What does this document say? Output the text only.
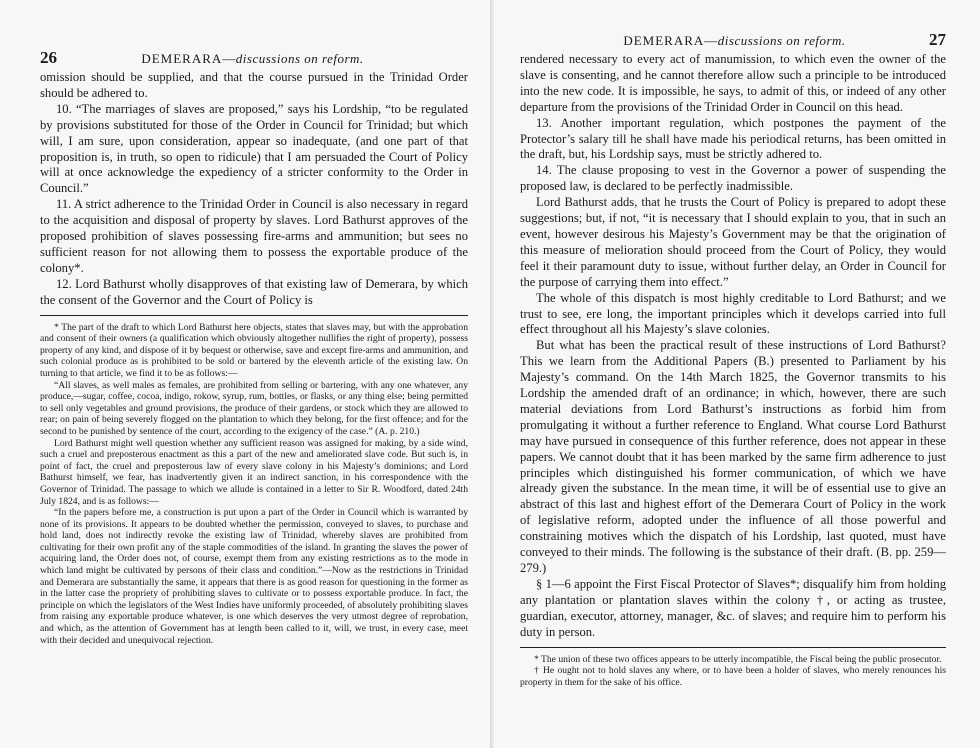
26	DEMERARA—discussions on reform.

omission should be supplied, and that the course pursued in the Trinidad Order should be adhered to.

10. “The marriages of slaves are proposed,” says his Lordship, “to be regulated by provisions substituted for those of the Order in Council for Trinidad; but which will, I am sure, upon consideration, appear so inadequate, (and one part of that proposition is, in truth, so open to ridicule) that I am persuaded the Court of Policy will at once acknowledge the expediency of a stricter conformity to the Order in Council.”

11. A strict adherence to the Trinidad Order in Council is also necessary in regard to the acquisition and disposal of property by slaves. Lord Bathurst approves of the proposed prohibition of slaves possessing fire-arms and ammunition; but sees no sufficient reason for not allowing them to possess the exportable produce of the colony*.

12. Lord Bathurst wholly disapproves of that existing law of Demerara, by which the consent of the Governor and the Court of Policy is

* The part of the draft to which Lord Bathurst here objects, states that slaves may, but with the approbation and consent of their owners (a qualification which obviously altogether nullifies the right of property), possess property of any kind, and dispose of it by bequest or otherwise, save and except fire-arms and ammunition, and such colonial produce as is prohibited to be sold or bartered by the eleventh article of the existing law. On turning to that article, we find it to be as follows:—

“All slaves, as well males as females, are prohibited from selling or bartering, with any one whatever, any produce,—sugar, coffee, cocoa, indigo, rokow, syrup, rum, bottles, or flasks, or any thing else; being permitted to sell only vegetables and ground provisions, the produce of their gardens, or stock which they are allowed to rear; on pain of being severely flogged on the plantation to which they belong, for the first offence; and for the second to be punished by sentence of the court, according to the exigency of the case.” (A. p. 210.)

Lord Bathurst might well question whether any sufficient reason was assigned for making, by a side wind, such a cruel and preposterous enactment as this a part of the new and ameliorated slave code. But such is, in point of fact, the cruel and preposterous law of every slave colony in his Majesty’s dominions; and Lord Bathurst himself, we fear, has inadvertently given it an indirect sanction, in his correspondence with the Governor of Trinidad. The passage to which we allude is contained in a letter to Sir R. Woodford, dated 24th July 1824, and is as follows:—

“In the papers before me, a construction is put upon a part of the Order in Council which is warranted by none of its provisions. It appears to be doubted whether the permission, conveyed to slaves, to purchase and hold land, does not indirectly revoke the existing law of Trinidad, whereby slaves are prohibited from cultivating for their own profit any of the staple commodities of the island. In granting the slaves the power of acquiring land, the Order does not, of course, exempt them from any existing restrictions as to the mode in which land might be cultivated by persons of their class and condition.”—Now as the restrictions in Trinidad and Demerara are substantially the same, it appears that there is as good reason for questioning in the former as in the latter case the propriety of prohibiting slaves to cultivate or to possess exportable produce. In fact, the principle on which the legislators of the West Indies have uniformly proceeded, of absolutely prohibiting slaves from raising any exportable produce whatever, is one which deserves the very utmost degree of reprobation, and which, as the attention of Government has at length been called to it, will, we trust, in every case, meet with their decided and unequivocal rejection.

DEMERARA—discussions on reform.	27

rendered necessary to every act of manumission, to which even the owner of the slave is consenting, and he cannot therefore allow such a principle to be introduced into the new code. It is impossible, he says, to admit of this, or indeed of any other departure from the provisions of the Trinidad Order in Council on this head.

13. Another important regulation, which postpones the payment of the Protector’s salary till he shall have made his periodical returns, has been omitted in the draft, but, his Lordship says, must be strictly adhered to.

14. The clause proposing to vest in the Governor a power of suspending the proposed law, is declared to be perfectly inadmissible.

Lord Bathurst adds, that he trusts the Court of Policy is prepared to adopt these suggestions; but, if not, “it is necessary that I should explain to you, that in such an event, however desirous his Majesty’s Government may be that the origination of this measure of melioration should proceed from the Court of Policy, they would feel it their paramount duty to issue, without further delay, an Order in Council for the purpose of carrying them into effect.”

The whole of this dispatch is most highly creditable to Lord Bathurst; and we trust to see, ere long, the important principles which it develops carried into full effect throughout all his Majesty’s slave colonies.

But what has been the practical result of these instructions of Lord Bathurst? This we learn from the Additional Papers (B.) presented to Parliament by his Majesty’s command. On the 14th March 1825, the Governor transmits to his Lordship the amended draft of an ordinance; in which, however, there are such material deviations from Lord Bathurst’s instructions as forbid him from promulgating it without a further reference to England. What course Lord Bathurst may have pursued in consequence of this further reference, does not appear in these papers. We cannot doubt that it has been marked by the same firm adherence to just principles which distinguished his former communication, of which we have already given the substance. In the mean time, it will be of essential use to give an abstract of this last and highest effort of the Demerara Court of Policy in the work of legislative reform, adopted under the influence of all those powerful and constraining motives which the dispatch of his Lordship, last quoted, must have conveyed to their minds. The following is the substance of their draft. (B. pp. 259—279.)

§ 1—6 appoint the First Fiscal Protector of Slaves*; disqualify him from holding any plantation or plantation slaves within the colony †, or acting as trustee, guardian, executor, attorney, manager, &c. of slaves; and require him to perform his duty in person.

* The union of these two offices appears to be utterly incompatible, the Fiscal being the public prosecutor.

† He ought not to hold slaves any where, or to have been a holder of slaves, who merely renounces his property in them for the sake of his office.
